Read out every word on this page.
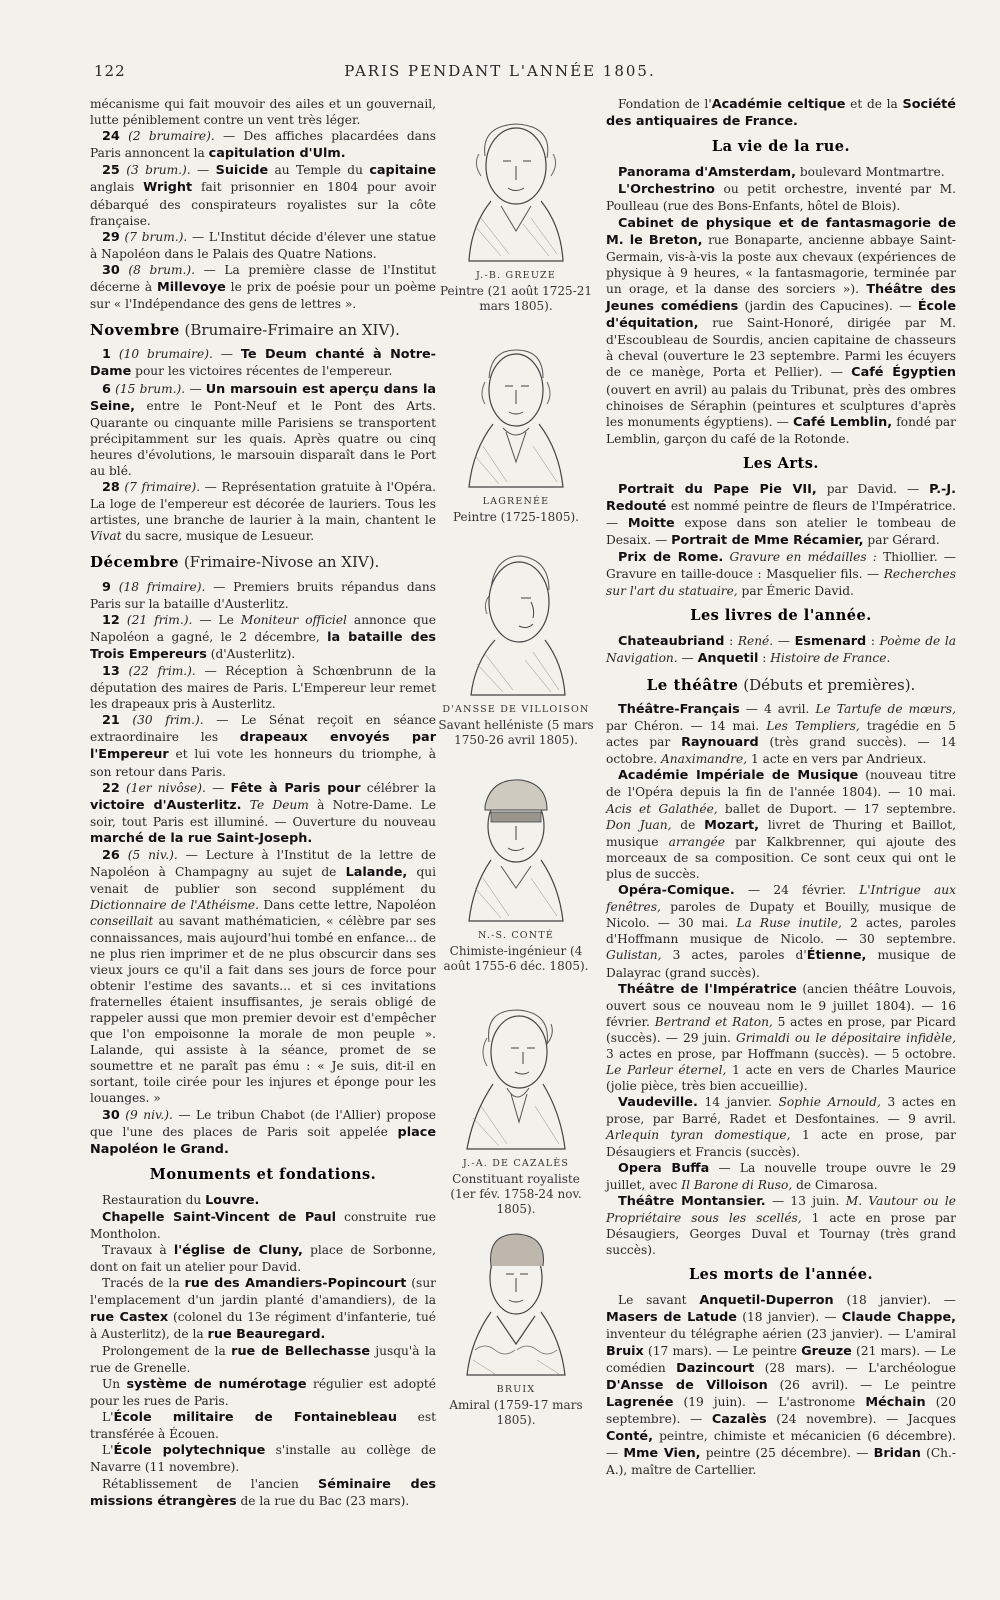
122	PARIS PENDANT L'ANNÉE 1805.

mécanisme qui fait mouvoir des ailes et un gouvernail, lutte péniblement contre un vent très léger.

24 (2 brumaire). — Des affiches placardées dans Paris annoncent la capitulation d'Ulm.

25 (3 brum.). — Suicide au Temple du capitaine anglais Wright fait prisonnier en 1804 pour avoir débarqué des conspirateurs royalistes sur la côte française.

29 (7 brum.). — L'Institut décide d'élever une statue à Napoléon dans le Palais des Quatre Nations.

30 (8 brum.). — La première classe de l'Institut décerne à Millevoye le prix de poésie pour un poème sur « l'Indépendance des gens de lettres ».

Novembre (Brumaire-Frimaire an XIV).

1 (10 brumaire). — Te Deum chanté à Notre-Dame pour les victoires récentes de l'empereur.

6 (15 brum.). — Un marsouin est aperçu dans la Seine, entre le Pont-Neuf et le Pont des Arts. Quarante ou cinquante mille Parisiens se transportent précipitamment sur les quais. Après quatre ou cinq heures d'évolutions, le marsouin disparaît dans le Port au blé.

28 (7 frimaire). — Représentation gratuite à l'Opéra. La loge de l'empereur est décorée de lauriers. Tous les artistes, une branche de laurier à la main, chantent le Vivat du sacre, musique de Lesueur.

Décembre (Frimaire-Nivose an XIV).

9 (18 frimaire). — Premiers bruits répandus dans Paris sur la bataille d'Austerlitz.

12 (21 frim.). — Le Moniteur officiel annonce que Napoléon a gagné, le 2 décembre, la bataille des Trois Empereurs (d'Austerlitz).

13 (22 frim.). — Réception à Schœnbrunn de la députation des maires de Paris. L'Empereur leur remet les drapeaux pris à Austerlitz.

21 (30 frim.). — Le Sénat reçoit en séance extraordinaire les drapeaux envoyés par l'Empereur et lui vote les honneurs du triomphe, à son retour dans Paris.

22 (1er nivôse). — Fête à Paris pour célébrer la victoire d'Austerlitz. Te Deum à Notre-Dame. Le soir, tout Paris est illuminé. — Ouverture du nouveau marché de la rue Saint-Joseph.

26 (5 niv.). — Lecture à l'Institut de la lettre de Napoléon à Champagny au sujet de Lalande, qui venait de publier son second supplément du Dictionnaire de l'Athéisme. Dans cette lettre, Napoléon conseillait au savant mathématicien, « célèbre par ses connaissances, mais aujourd'hui tombé en enfance... de ne plus rien imprimer et de ne plus obscurcir dans ses vieux jours ce qu'il a fait dans ses jours de force pour obtenir l'estime des savants... et si ces invitations fraternelles étaient insuffisantes, je serais obligé de rappeler aussi que mon premier devoir est d'empêcher que l'on empoisonne la morale de mon peuple ». Lalande, qui assiste à la séance, promet de se soumettre et ne paraît pas ému : « Je suis, dit-il en sortant, toile cirée pour les injures et éponge pour les louanges. »

30 (9 niv.). — Le tribun Chabot (de l'Allier) propose que l'une des places de Paris soit appelée place Napoléon le Grand.

Monuments et fondations.

Restauration du Louvre.

Chapelle Saint-Vincent de Paul construite rue Montholon.

Travaux à l'église de Cluny, place de Sorbonne, dont on fait un atelier pour David.

Tracés de la rue des Amandiers-Popincourt (sur l'emplacement d'un jardin planté d'amandiers), de la rue Castex (colonel du 13e régiment d'infanterie, tué à Austerlitz), de la rue Beauregard.

Prolongement de la rue de Bellechasse jusqu'à la rue de Grenelle.

Un système de numérotage régulier est adopté pour les rues de Paris.

L'École militaire de Fontainebleau est transférée à Écouen.

L'École polytechnique s'installe au collège de Navarre (11 novembre).

Rétablissement de l'ancien Séminaire des missions étrangères de la rue du Bac (23 mars).

J.-B. GREUZE
Peintre (21 août 1725-21 mars 1805).
LAGRENÉE
Peintre (1725-1805).
D'ANSSE DE VILLOISON
Savant helléniste (5 mars 1750-26 avril 1805).
N.-S. CONTÉ
Chimiste-ingénieur (4 août 1755-6 déc. 1805).
J.-A. DE CAZALÈS
Constituant royaliste (1er fév. 1758-24 nov. 1805).
BRUIX
Amiral (1759-17 mars 1805).

Fondation de l'Académie celtique et de la Société des antiquaires de France.

La vie de la rue.

Panorama d'Amsterdam, boulevard Montmartre.

L'Orchestrino ou petit orchestre, inventé par M. Poulleau (rue des Bons-Enfants, hôtel de Blois).

Cabinet de physique et de fantasmagorie de M. le Breton, rue Bonaparte, ancienne abbaye Saint-Germain, vis-à-vis la poste aux chevaux (expériences de physique à 9 heures, « la fantasmagorie, terminée par un orage, et la danse des sorciers »). Théâtre des Jeunes comédiens (jardin des Capucines). — École d'équitation, rue Saint-Honoré, dirigée par M. d'Escoubleau de Sourdis, ancien capitaine de chasseurs à cheval (ouverture le 23 septembre. Parmi les écuyers de ce manège, Porta et Pellier). — Café Égyptien (ouvert en avril) au palais du Tribunat, près des ombres chinoises de Séraphin (peintures et sculptures d'après les monuments égyptiens). — Café Lemblin, fondé par Lemblin, garçon du café de la Rotonde.

Les Arts.

Portrait du Pape Pie VII, par David. — P.-J. Redouté est nommé peintre de fleurs de l'Impératrice. — Moitte expose dans son atelier le tombeau de Desaix. — Portrait de Mme Récamier, par Gérard.

Prix de Rome. Gravure en médailles : Thiollier. — Gravure en taille-douce : Masquelier fils. — Recherches sur l'art du statuaire, par Émeric David.

Les livres de l'année.

Chateaubriand : René. — Esmenard : Poème de la Navigation. — Anquetil : Histoire de France.

Le théâtre (Débuts et premières).

Théâtre-Français — 4 avril. Le Tartufe de mœurs, par Chéron. — 14 mai. Les Templiers, tragédie en 5 actes par Raynouard (très grand succès). — 14 octobre. Anaximandre, 1 acte en vers par Andrieux.

Académie Impériale de Musique (nouveau titre de l'Opéra depuis la fin de l'année 1804). — 10 mai. Acis et Galathée, ballet de Duport. — 17 septembre. Don Juan, de Mozart, livret de Thuring et Baillot, musique arrangée par Kalkbrenner, qui ajoute des morceaux de sa composition. Ce sont ceux qui ont le plus de succès.

Opéra-Comique. — 24 février. L'Intrigue aux fenêtres, paroles de Dupaty et Bouilly, musique de Nicolo. — 30 mai. La Ruse inutile, 2 actes, paroles d'Hoffmann musique de Nicolo. — 30 septembre. Gulistan, 3 actes, paroles d'Étienne, musique de Dalayrac (grand succès).

Théâtre de l'Impératrice (ancien théâtre Louvois, ouvert sous ce nouveau nom le 9 juillet 1804). — 16 février. Bertrand et Raton, 5 actes en prose, par Picard (succès). — 29 juin. Grimaldi ou le dépositaire infidèle, 3 actes en prose, par Hoffmann (succès). — 5 octobre. Le Parleur éternel, 1 acte en vers de Charles Maurice (jolie pièce, très bien accueillie).

Vaudeville. 14 janvier. Sophie Arnould, 3 actes en prose, par Barré, Radet et Desfontaines. — 9 avril. Arlequin tyran domestique, 1 acte en prose, par Désaugiers et Francis (succès).

Opera Buffa — La nouvelle troupe ouvre le 29 juillet, avec Il Barone di Ruso, de Cimarosa.

Théâtre Montansier. — 13 juin. M. Vautour ou le Propriétaire sous les scellés, 1 acte en prose par Désaugiers, Georges Duval et Tournay (très grand succès).

Les morts de l'année.

Le savant Anquetil-Duperron (18 janvier). — Masers de Latude (18 janvier). — Claude Chappe, inventeur du télégraphe aérien (23 janvier). — L'amiral Bruix (17 mars). — Le peintre Greuze (21 mars). — Le comédien Dazincourt (28 mars). — L'archéologue D'Ansse de Villoison (26 avril). — Le peintre Lagrenée (19 juin). — L'astronome Méchain (20 septembre). — Cazalès (24 novembre). — Jacques Conté, peintre, chimiste et mécanicien (6 décembre). — Mme Vien, peintre (25 décembre). — Bridan (Ch.-A.), maître de Cartellier.
